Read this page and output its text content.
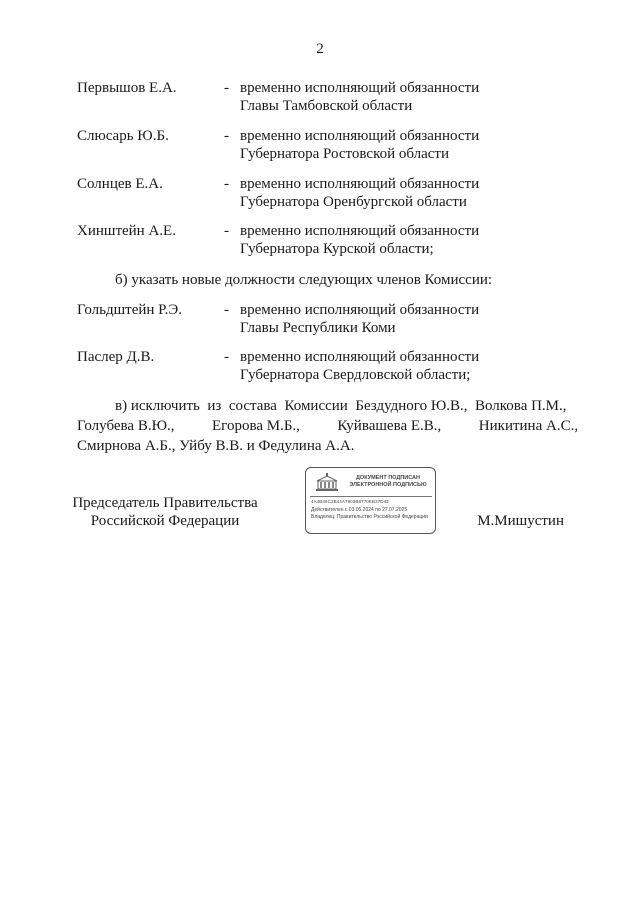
2
Первышов Е.А.	- временно исполняющий обязанности
Главы Тамбовской области
Слюсарь Ю.Б.	- временно исполняющий обязанности
Губернатора Ростовской области
Солнцев Е.А.	- временно исполняющий обязанности
Губернатора Оренбургской области
Хинштейн А.Е.	- временно исполняющий обязанности
Губернатора Курской области;
б) указать новые должности следующих членов Комиссии:
Гольдштейн Р.Э.	- временно исполняющий обязанности
Главы Республики Коми
Паслер Д.В.	- временно исполняющий обязанности
Губернатора Свердловской области;
в) исключить  из  состава  Комиссии  Бездудного Ю.В.,  Волкова П.М.,
Голубева В.Ю.,          Егорова М.Б.,          Куйвашева Е.В.,          Никитина А.С.,
Смирнова А.Б., Уйбу В.В. и Федулина А.А.
Председатель Правительства
Российской Федерации
ДОКУМЕНТ ПОДПИСАН
ЭЛЕКТРОННОЙ ПОДПИСЬЮ
4A4B46C2B44A7903B8770EB37D42
Действителен с 03.05.2024 по 27.07.2025
Владелец: Правительство Российской Федерации	М.Мишустин
